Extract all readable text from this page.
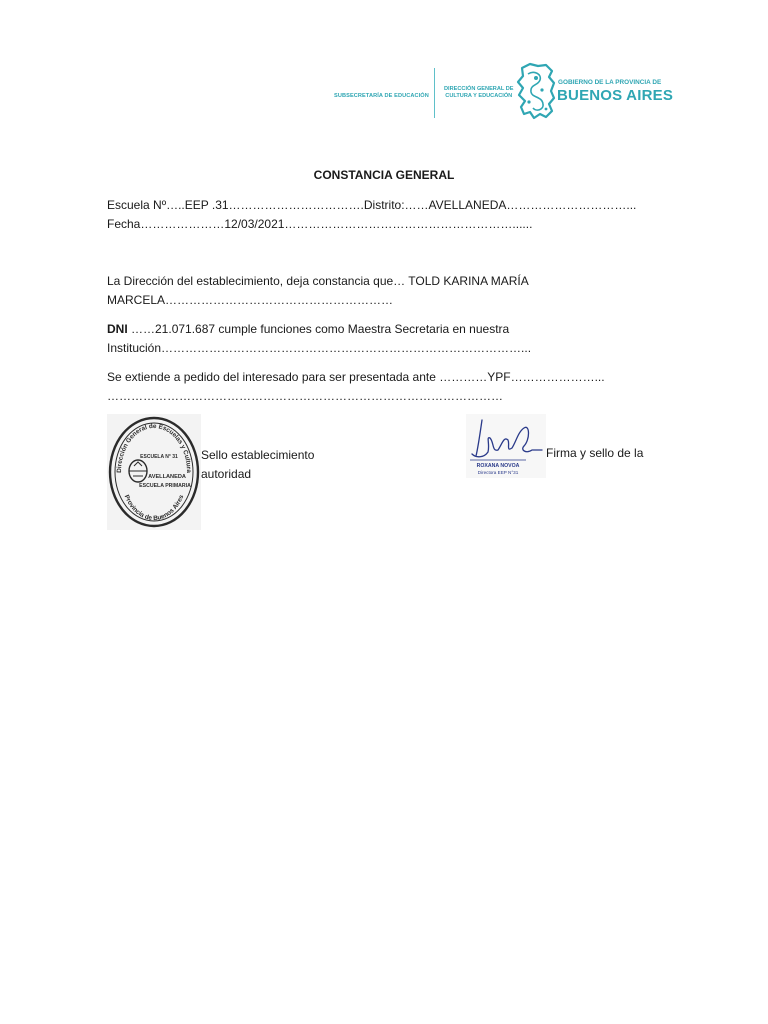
SUBSECRETARÍA DE EDUCACIÓN
DIRECCIÓN GENERAL DE
CULTURA Y EDUCACIÓN
GOBIERNO DE LA PROVINCIA DE
BUENOS AIRES
CONSTANCIA GENERAL
Escuela Nº…..EEP .31…………………………….Distrito:……AVELLANEDA…………………………...
Fecha…………………12/03/2021…………………………………………………......
La Dirección del establecimiento, deja constancia que… TOLD KARINA MARÍA
MARCELA…………………………………………………
DNI ……21.071.687 cumple funciones como Maestra Secretaria en nuestra
Institución………………………………………………………………………………...
Se extiende a pedido del interesado para ser presentada ante …………YPF…………………...
………………………………………………………………………………………
Dirección General de Escuelas y Cultura
Provincia de Buenos Aires
ESCUELA N° 31
AVELLANEDA
ESCUELA PRIMARIA
Sello establecimiento
autoridad
ROXANA NOVOA
Directora EEP N°31
Firma y sello de la
